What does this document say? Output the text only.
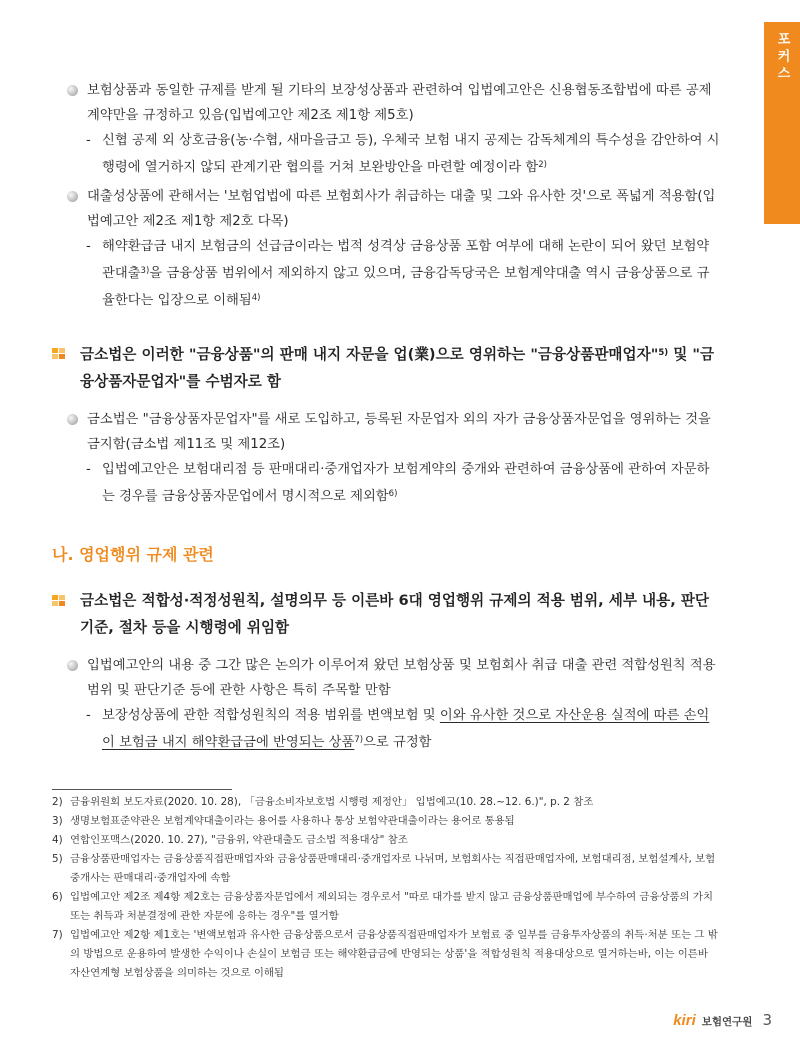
포커스
보험상품과 동일한 규제를 받게 될 기타의 보장성상품과 관련하여 입법예고안은 신용협동조합법에 따른 공제계약만을 규정하고 있음(입법예고안 제2조 제1항 제5호)
- 신협 공제 외 상호금융(농·수협, 새마을금고 등), 우체국 보험 내지 공제는 감독체계의 특수성을 감안하여 시행령에 열거하지 않되 관계기관 협의를 거쳐 보완방안을 마련할 예정이라 함$^{2)}$
대출성상품에 관해서는 '보험업법에 따른 보험회사가 취급하는 대출 및 그와 유사한 것'으로 폭넓게 적용함(입법예고안 제2조 제1항 제2호 다목)
- 해약환급금 내지 보험금의 선급금이라는 법적 성격상 금융상품 포함 여부에 대해 논란이 되어 왔던 보험약관대출$^{3)}$을 금융상품 범위에서 제외하지 않고 있으며, 금융감독당국은 보험계약대출 역시 금융상품으로 규율한다는 입장으로 이해됨$^{4)}$
금소법은 이러한 "금융상품"의 판매 내지 자문을 업(業)으로 영위하는 "금융상품판매업자"$^{5)}$ 및 "금융상품자문업자"를 수범자로 함
금소법은 "금융상품자문업자"를 새로 도입하고, 등록된 자문업자 외의 자가 금융상품자문업을 영위하는 것을 금지함(금소법 제11조 및 제12조)
- 입법예고안은 보험대리점 등 판매대리·중개업자가 보험계약의 중개와 관련하여 금융상품에 관하여 자문하는 경우를 금융상품자문업에서 명시적으로 제외함$^{6)}$
나. 영업행위 규제 관련
금소법은 적합성·적정성원칙, 설명의무 등 이른바 6대 영업행위 규제의 적용 범위, 세부 내용, 판단기준, 절차 등을 시행령에 위임함
입법예고안의 내용 중 그간 많은 논의가 이루어져 왔던 보험상품 및 보험회사 취급 대출 관련 적합성원칙 적용 범위 및 판단기준 등에 관한 사항은 특히 주목할 만함
- 보장성상품에 관한 적합성원칙의 적용 범위를 변액보험 및 이와 유사한 것으로 자산운용 실적에 따른 손익이 보험금 내지 해약환급금에 반영되는 상품$^{7)}$으로 규정함
2) 금융위원회 보도자료(2020. 10. 28), 「금융소비자보호법 시행령 제정안」 입법예고(10. 28.~12. 6.)", p. 2 참조
3) 생명보험표준약관은 보험계약대출이라는 용어를 사용하나 통상 보험약관대출이라는 용어로 통용됨
4) 연합인포맥스(2020. 10. 27), "금융위, 약관대출도 금소법 적용대상" 참조
5) 금융상품판매업자는 금융상품직접판매업자와 금융상품판매대리·중개업자로 나뉘며, 보험회사는 직접판매업자에, 보험대리점, 보험설계사, 보험중개사는 판매대리·중개업자에 속함
6) 입법예고안 제2조 제4항 제2호는 금융상품자문업에서 제외되는 경우로서 "따로 대가를 받지 않고 금융상품판매업에 부수하여 금융상품의 가치 또는 취득과 처분결정에 관한 자문에 응하는 경우"를 열거함
7) 입법예고안 제2항 제1호는 '변액보험과 유사한 금융상품으로서 금융상품직접판매업자가 보험료 중 일부를 금융투자상품의 취득·처분 또는 그 밖의 방법으로 운용하여 발생한 수익이나 손실이 보험금 또는 해약환급금에 반영되는 상품'을 적합성원칙 적용대상으로 열거하는바, 이는 이른바 자산연계형 보험상품을 의미하는 것으로 이해됨
kiri 보험연구원 3
